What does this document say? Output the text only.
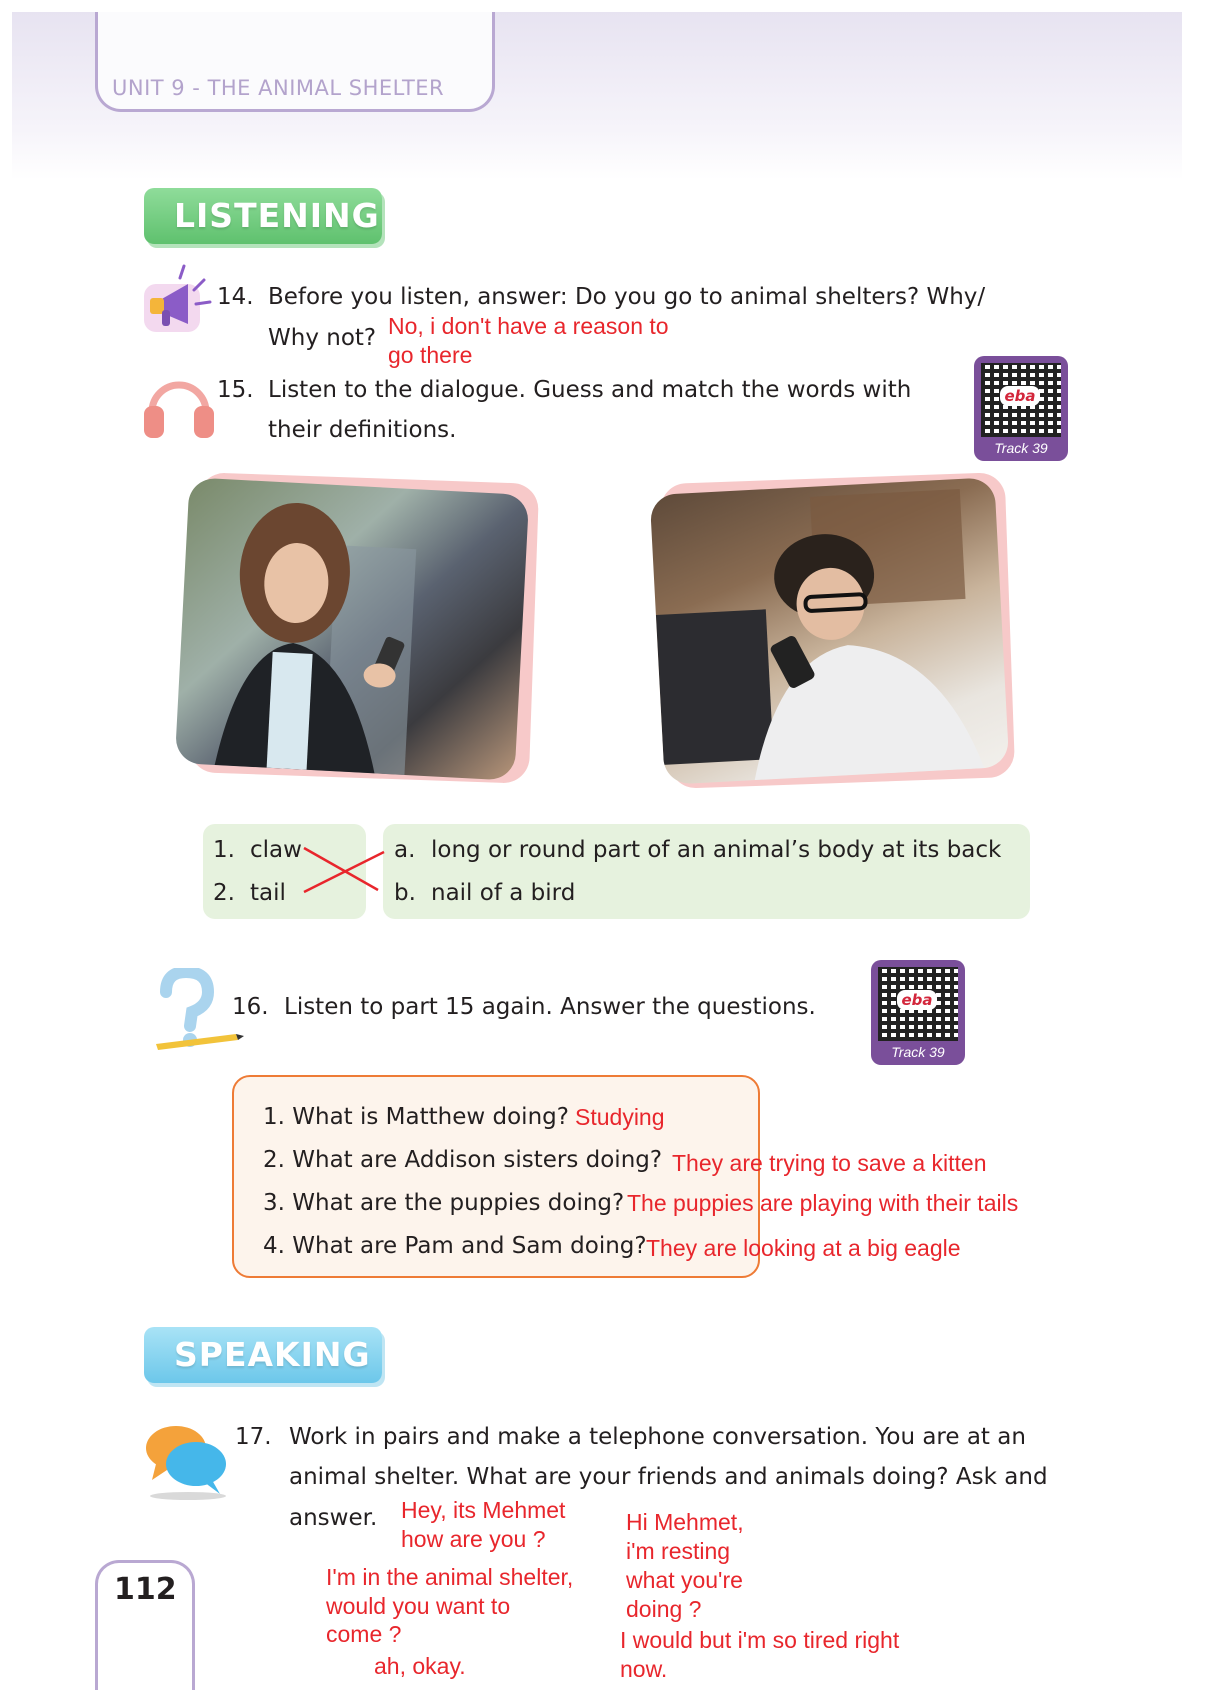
UNIT 9 - THE ANIMAL SHELTER
LISTENING
14. Before you listen, answer: Do you go to animal shelters? Why/
Why not? No, i don't have a reason to
go there
15. Listen to the dialogue. Guess and match the words with
their definitions.
eba
Track 39
1. claw
2. tail
a. long or round part of an animal’s body at its back
b. nail of a bird
16. Listen to part 15 again. Answer the questions.	eba
Track 39
1. What is Matthew doing? Studying
2. What are Addison sisters doing? They are trying to save a kitten
3. What are the puppies doing? The puppies are playing with their tails
4. What are Pam and Sam doing? They are looking at a big eagle
SPEAKING
17. Work in pairs and make a telephone conversation. You are at an
animal shelter. What are your friends and animals doing? Ask and
answer. Hey, its Mehmet
how are you ?
Hi Mehmet,
i'm resting
what you're
doing ?
I'm in the animal shelter,
would you want to
come ?	I would but i'm so tired right
now.
ah, okay.
112
